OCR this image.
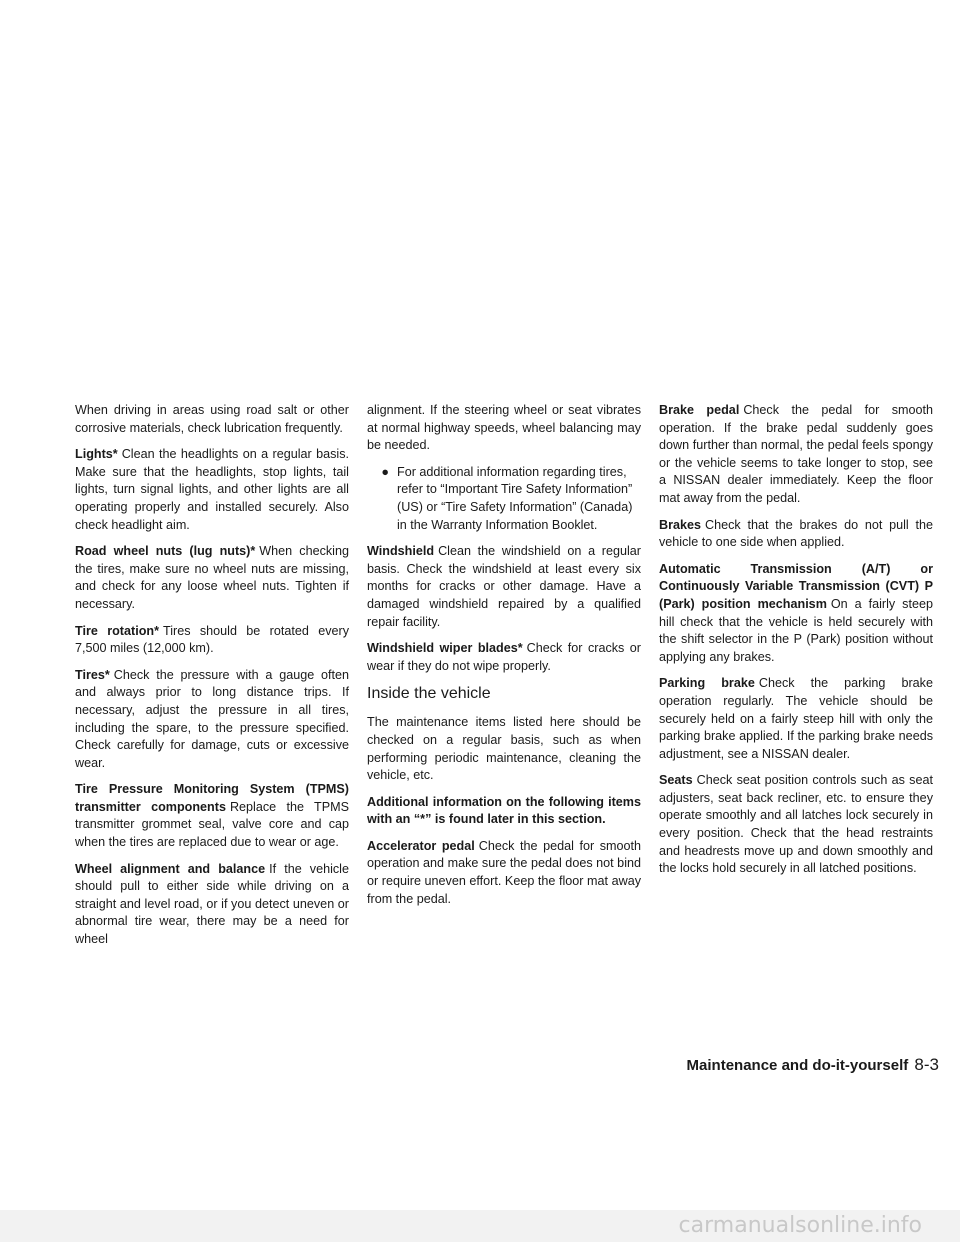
When driving in areas using road salt or other corrosive materials, check lubrication frequently.

Lights* Clean the headlights on a regular basis. Make sure that the headlights, stop lights, tail lights, turn signal lights, and other lights are all operating properly and installed securely. Also check headlight aim.

Road wheel nuts (lug nuts)* When checking the tires, make sure no wheel nuts are missing, and check for any loose wheel nuts. Tighten if necessary.

Tire rotation* Tires should be rotated every 7,500 miles (12,000 km).

Tires* Check the pressure with a gauge often and always prior to long distance trips. If necessary, adjust the pressure in all tires, including the spare, to the pressure specified. Check carefully for damage, cuts or excessive wear.

Tire Pressure Monitoring System (TPMS) transmitter components Replace the TPMS transmitter grommet seal, valve core and cap when the tires are replaced due to wear or age.

Wheel alignment and balance If the vehicle should pull to either side while driving on a straight and level road, or if you detect uneven or abnormal tire wear, there may be a need for wheel

alignment. If the steering wheel or seat vibrates at normal highway speeds, wheel balancing may be needed.

● For additional information regarding tires, refer to “Important Tire Safety Information” (US) or “Tire Safety Information” (Canada) in the Warranty Information Booklet.

Windshield Clean the windshield on a regular basis. Check the windshield at least every six months for cracks or other damage. Have a damaged windshield repaired by a qualified repair facility.

Windshield wiper blades* Check for cracks or wear if they do not wipe properly.

Inside the vehicle

The maintenance items listed here should be checked on a regular basis, such as when performing periodic maintenance, cleaning the vehicle, etc.

Additional information on the following items with an “*” is found later in this section.

Accelerator pedal Check the pedal for smooth operation and make sure the pedal does not bind or require uneven effort. Keep the floor mat away from the pedal.

Brake pedal Check the pedal for smooth operation. If the brake pedal suddenly goes down further than normal, the pedal feels spongy or the vehicle seems to take longer to stop, see a NISSAN dealer immediately. Keep the floor mat away from the pedal.

Brakes Check that the brakes do not pull the vehicle to one side when applied.

Automatic Transmission (A/T) or Continuously Variable Transmission (CVT) P (Park) position mechanism On a fairly steep hill check that the vehicle is held securely with the shift selector in the P (Park) position without applying any brakes.

Parking brake Check the parking brake operation regularly. The vehicle should be securely held on a fairly steep hill with only the parking brake applied. If the parking brake needs adjustment, see a NISSAN dealer.

Seats Check seat position controls such as seat adjusters, seat back recliner, etc. to ensure they operate smoothly and all latches lock securely in every position. Check that the head restraints and headrests move up and down smoothly and the locks hold securely in all latched positions.

Maintenance and do-it-yourself 8-3
carmanualsonline.info
